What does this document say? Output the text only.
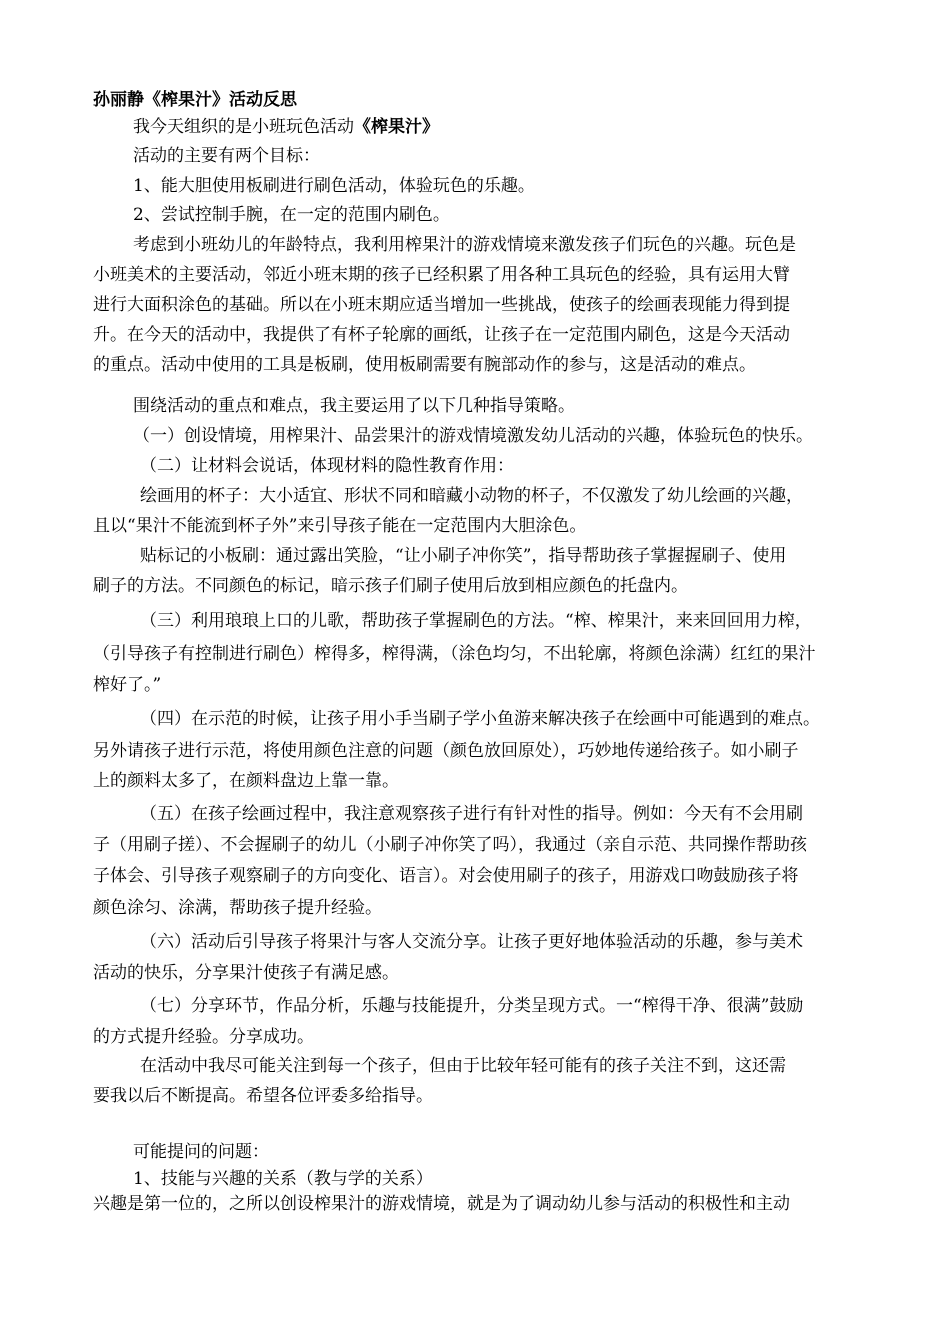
孙丽静《榨果汁》活动反思
我今天组织的是小班玩色活动《榨果汁》
活动的主要有两个目标：
1、能大胆使用板刷进行刷色活动，体验玩色的乐趣。
2、尝试控制手腕，在一定的范围内刷色。
考虑到小班幼儿的年龄特点，我利用榨果汁的游戏情境来激发孩子们玩色的兴趣。玩色是
小班美术的主要活动，邻近小班末期的孩子已经积累了用各种工具玩色的经验，具有运用大臂
进行大面积涂色的基础。所以在小班末期应适当增加一些挑战，使孩子的绘画表现能力得到提
升。在今天的活动中，我提供了有杯子轮廓的画纸，让孩子在一定范围内刷色，这是今天活动
的重点。活动中使用的工具是板刷，使用板刷需要有腕部动作的参与，这是活动的难点。
围绕活动的重点和难点，我主要运用了以下几种指导策略。
（一）创设情境，用榨果汁、品尝果汁的游戏情境激发幼儿活动的兴趣，体验玩色的快乐。
（二）让材料会说话，体现材料的隐性教育作用：
绘画用的杯子：大小适宜、形状不同和暗藏小动物的杯子，不仅激发了幼儿绘画的兴趣，
且以“果汁不能流到杯子外”来引导孩子能在一定范围内大胆涂色。
贴标记的小板刷：通过露出笑脸，“让小刷子冲你笑”，指导帮助孩子掌握握刷子、使用
刷子的方法。不同颜色的标记，暗示孩子们刷子使用后放到相应颜色的托盘内。
（三）利用琅琅上口的儿歌，帮助孩子掌握刷色的方法。“榨、榨果汁，来来回回用力榨，
（引导孩子有控制进行刷色）榨得多，榨得满，（涂色均匀，不出轮廓，将颜色涂满）红红的果汁
榨好了。”
（四）在示范的时候，让孩子用小手当刷子学小鱼游来解决孩子在绘画中可能遇到的难点。
另外请孩子进行示范，将使用颜色注意的问题（颜色放回原处），巧妙地传递给孩子。如小刷子
上的颜料太多了，在颜料盘边上靠一靠。
（五）在孩子绘画过程中，我注意观察孩子进行有针对性的指导。例如：今天有不会用刷
子（用刷子搓）、不会握刷子的幼儿（小刷子冲你笑了吗），我通过（亲自示范、共同操作帮助孩
子体会、引导孩子观察刷子的方向变化、语言）。对会使用刷子的孩子，用游戏口吻鼓励孩子将
颜色涂匀、涂满，帮助孩子提升经验。
（六）活动后引导孩子将果汁与客人交流分享。让孩子更好地体验活动的乐趣，参与美术
活动的快乐，分享果汁使孩子有满足感。
（七）分享环节，作品分析，乐趣与技能提升，分类呈现方式。一“榨得干净、很满”鼓励
的方式提升经验。分享成功。
在活动中我尽可能关注到每一个孩子，但由于比较年轻可能有的孩子关注不到，这还需
要我以后不断提高。希望各位评委多给指导。
可能提问的问题：
1、技能与兴趣的关系（教与学的关系）
兴趣是第一位的，之所以创设榨果汁的游戏情境，就是为了调动幼儿参与活动的积极性和主动
